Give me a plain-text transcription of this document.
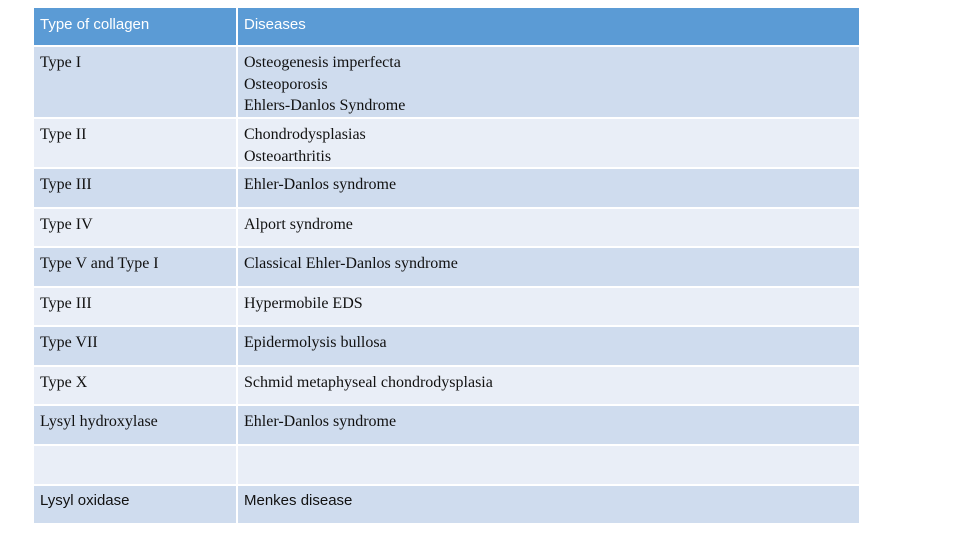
Type of collagen	Diseases
Type I	Osteogenesis imperfecta
Osteoporosis
Ehlers-Danlos Syndrome

Type II	Chondrodysplasias
Osteoarthritis

Type III	Ehler-Danlos syndrome

Type IV	Alport syndrome

Type V and Type I	Classical Ehler-Danlos syndrome

Type III	Hypermobile EDS

Type VII	Epidermolysis bullosa

Type X	Schmid metaphyseal chondrodysplasia

Lysyl hydroxylase	Ehler-Danlos syndrome

Lysyl oxidase	Menkes disease
